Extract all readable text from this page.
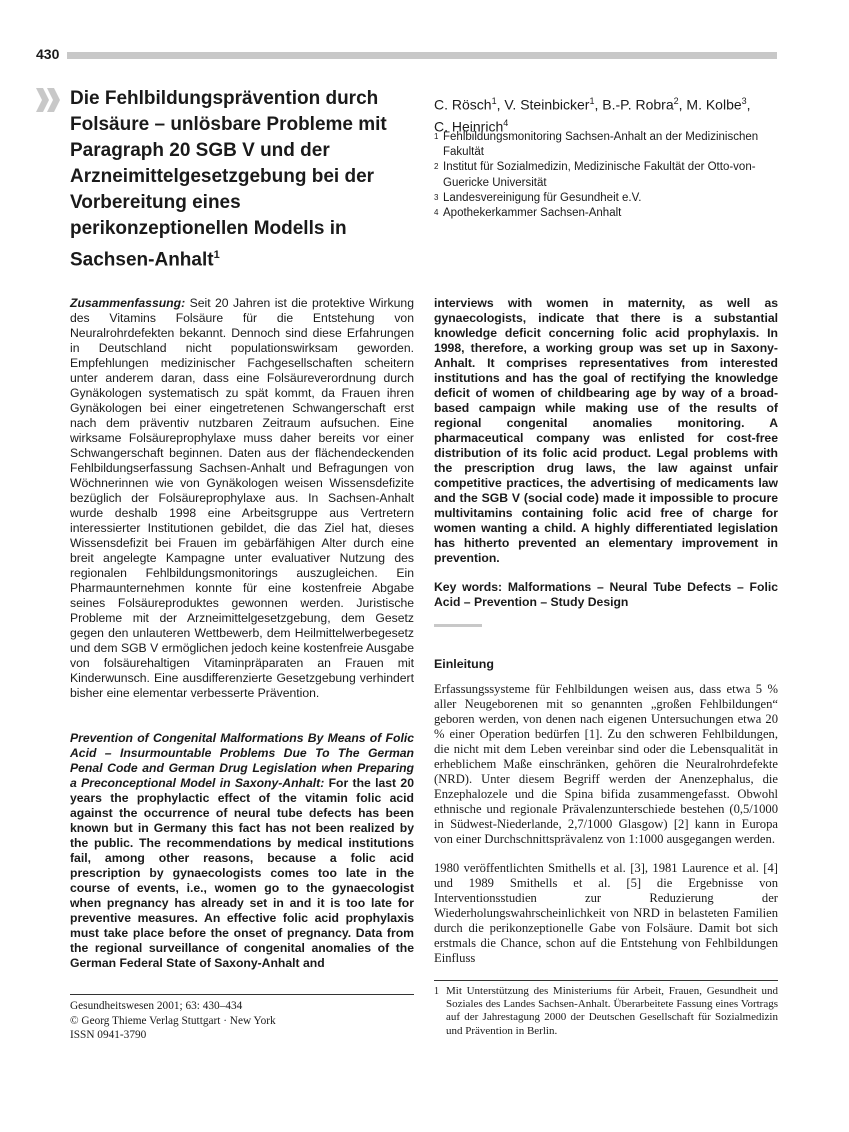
430
Die Fehlbildungsprävention durch Folsäure – unlösbare Probleme mit Paragraph 20 SGB V und der Arzneimittelgesetzgebung bei der Vorbereitung eines perikonzeptionellen Modells in Sachsen-Anhalt$^1$
C. Rösch$^1$, V. Steinbicker$^1$, B.-P. Robra$^2$, M. Kolbe$^3$,
C. Heinrich$^4$
1 Fehlbildungsmonitoring Sachsen-Anhalt an der Medizinischen Fakultät
2 Institut für Sozialmedizin, Medizinische Fakultät der Otto-von-Guericke Universität
3 Landesvereinigung für Gesundheit e.V.
4 Apothekerkammer Sachsen-Anhalt

Zusammenfassung: Seit 20 Jahren ist die protektive Wirkung des Vitamins Folsäure für die Entstehung von Neuralrohrdefekten bekannt. Dennoch sind diese Erfahrungen in Deutschland nicht populationswirksam geworden. Empfehlungen medizinischer Fachgesellschaften scheitern unter anderem daran, dass eine Folsäureverordnung durch Gynäkologen systematisch zu spät kommt, da Frauen ihren Gynäkologen bei einer eingetretenen Schwangerschaft erst nach dem präventiv nutzbaren Zeitraum aufsuchen. Eine wirksame Folsäureprophylaxe muss daher bereits vor einer Schwangerschaft beginnen. Daten aus der flächendeckenden Fehlbildungserfassung Sachsen-Anhalt und Befragungen von Wöchnerinnen wie von Gynäkologen weisen Wissensdefizite bezüglich der Folsäureprophylaxe aus. In Sachsen-Anhalt wurde deshalb 1998 eine Arbeitsgruppe aus Vertretern interessierter Institutionen gebildet, die das Ziel hat, dieses Wissensdefizit bei Frauen im gebärfähigen Alter durch eine breit angelegte Kampagne unter evaluativer Nutzung des regionalen Fehlbildungsmonitorings auszugleichen. Ein Pharmaunternehmen konnte für eine kostenfreie Abgabe seines Folsäureproduktes gewonnen werden. Juristische Probleme mit der Arzneimittelgesetzgebung, dem Gesetz gegen den unlauteren Wettbewerb, dem Heilmittelwerbegesetz und dem SGB V ermöglichen jedoch keine kostenfreie Ausgabe von folsäurehaltigen Vitaminpräparaten an Frauen mit Kinderwunsch. Eine ausdifferenzierte Gesetzgebung verhindert bisher eine elementar verbesserte Prävention.

Prevention of Congenital Malformations By Means of Folic Acid – Insurmountable Problems Due To The German Penal Code and German Drug Legislation when Preparing a Preconceptional Model in Saxony-Anhalt: For the last 20 years the prophylactic effect of the vitamin folic acid against the occurrence of neural tube defects has been known but in Germany this fact has not been realized by the public. The recommendations by medical institutions fail, among other reasons, because a folic acid prescription by gynaecologists comes too late in the course of events, i.e., women go to the gynaecologist when pregnancy has already set in and it is too late for preventive measures. An effective folic acid prophylaxis must take place before the onset of pregnancy. Data from the regional surveillance of congenital anomalies of the German Federal State of Saxony-Anhalt and

interviews with women in maternity, as well as gynaecologists, indicate that there is a substantial knowledge deficit concerning folic acid prophylaxis. In 1998, therefore, a working group was set up in Saxony-Anhalt. It comprises representatives from interested institutions and has the goal of rectifying the knowledge deficit of women of childbearing age by way of a broad-based campaign while making use of the results of regional congenital anomalies monitoring. A pharmaceutical company was enlisted for cost-free distribution of its folic acid product. Legal problems with the prescription drug laws, the law against unfair competitive practices, the advertising of medicaments law and the SGB V (social code) made it impossible to procure multivitamins containing folic acid free of charge for women wanting a child. A highly differentiated legislation has hitherto prevented an elementary improvement in prevention.

Key words: Malformations – Neural Tube Defects – Folic Acid – Prevention – Study Design

Einleitung

Erfassungssysteme für Fehlbildungen weisen aus, dass etwa 5 % aller Neugeborenen mit so genannten „großen Fehlbildungen“ geboren werden, von denen nach eigenen Untersuchungen etwa 20 % einer Operation bedürfen [1]. Zu den schweren Fehlbildungen, die nicht mit dem Leben vereinbar sind oder die Lebensqualität in erheblichem Maße einschränken, gehören die Neuralrohrdefekte (NRD). Unter diesem Begriff werden der Anenzephalus, die Enzephalozele und die Spina bifida zusammengefasst. Obwohl ethnische und regionale Prävalenzunterschiede bestehen (0,5/1000 in Südwest-Niederlande, 2,7/1000 Glasgow) [2] kann in Europa von einer Durchschnittsprävalenz von 1:1000 ausgegangen werden.

1980 veröffentlichten Smithells et al. [3], 1981 Laurence et al. [4] und 1989 Smithells et al. [5] die Ergebnisse von Interventionsstudien zur Reduzierung der Wiederholungswahrscheinlichkeit von NRD in belasteten Familien durch die perikonzeptionelle Gabe von Folsäure. Damit bot sich erstmals die Chance, schon auf die Entstehung von Fehlbildungen Einfluss

Gesundheitswesen 2001; 63: 430–434
© Georg Thieme Verlag Stuttgart · New York
ISSN 0941-3790
1 Mit Unterstützung des Ministeriums für Arbeit, Frauen, Gesundheit und Soziales des Landes Sachsen-Anhalt. Überarbeitete Fassung eines Vortrags auf der Jahrestagung 2000 der Deutschen Gesellschaft für Sozialmedizin und Prävention in Berlin.
